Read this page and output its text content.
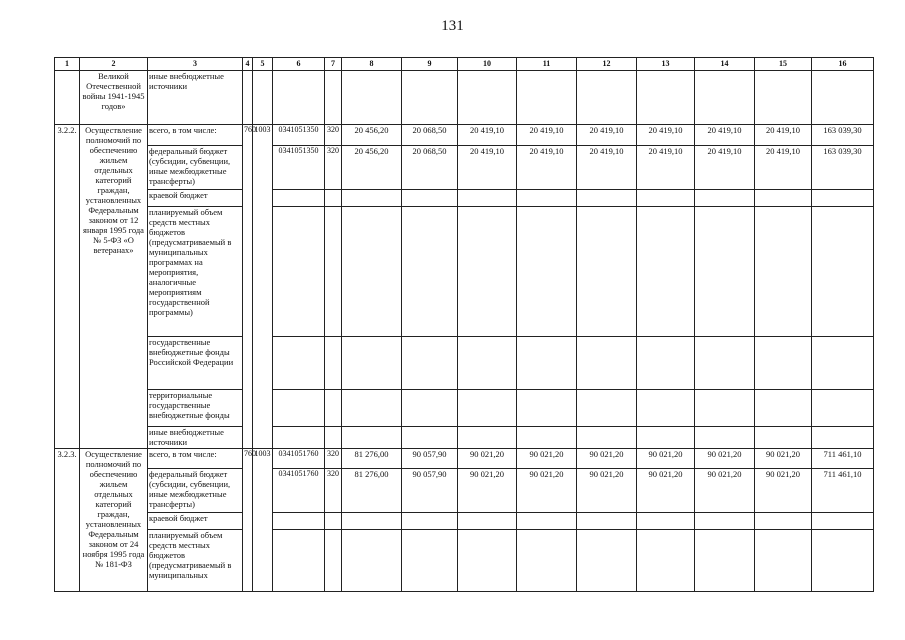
131
1	2	3	4	5	6	7	8	9	10	11	12	13	14	15	16
	Великой Отечественной войны 1941-1945 годов»	иные внебюджетные источники													
3.2.2.	Осуществление полномочий по обеспечению жильем отдельных категорий граждан, установленных Федеральным законом от 12 января 1995 года № 5-ФЗ «О ветеранах»	всего, в том числе:	760	1003	0341051350	320	20 456,20	20 068,50	20 419,10	20 419,10	20 419,10	20 419,10	20 419,10	20 419,10	163 039,30
		федеральный бюджет (субсидии, субвенции, иные межбюджетные трансферты)			0341051350	320	20 456,20	20 068,50	20 419,10	20 419,10	20 419,10	20 419,10	20 419,10	20 419,10	163 039,30
		краевой бюджет													
		планируемый объем средств местных бюджетов (предусматриваемый в муниципальных программах на мероприятия, аналогичные мероприятиям государственной программы)													
		государственные внебюджетные фонды Российской Федерации													
		территориальные государственные внебюджетные фонды													
		иные внебюджетные источники													
3.2.3.	Осуществление полномочий по обеспечению жильем отдельных категорий граждан, установленных Федеральным законом от 24 ноября 1995 года № 181-ФЗ	всего, в том числе:	760	1003	0341051760	320	81 276,00	90 057,90	90 021,20	90 021,20	90 021,20	90 021,20	90 021,20	90 021,20	711 461,10
		федеральный бюджет (субсидии, субвенции, иные межбюджетные трансферты)			0341051760	320	81 276,00	90 057,90	90 021,20	90 021,20	90 021,20	90 021,20	90 021,20	90 021,20	711 461,10
		краевой бюджет													
		планируемый объем средств местных бюджетов (предусматриваемый в муниципальных													
